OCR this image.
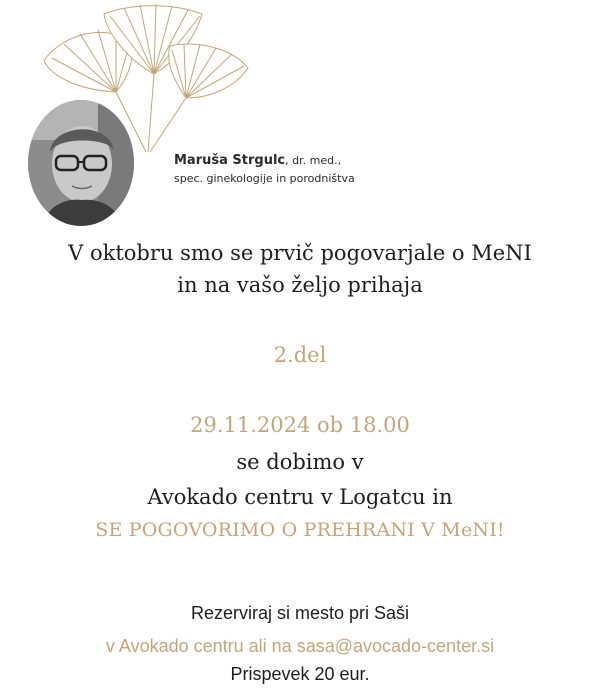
Maruša Strgulc, dr. med.,
spec. ginekologije in porodništva
V oktobru smo se prvič pogovarjale o MeNI
in na vašo željo prihaja
2.del
29.11.2024 ob 18.00
se dobimo v
Avokado centru v Logatcu in
SE POGOVORIMO O PREHRANI V MeNI!
Rezerviraj si mesto pri Saši
v Avokado centru ali na sasa@avocado-center.si
Prispevek 20 eur.
